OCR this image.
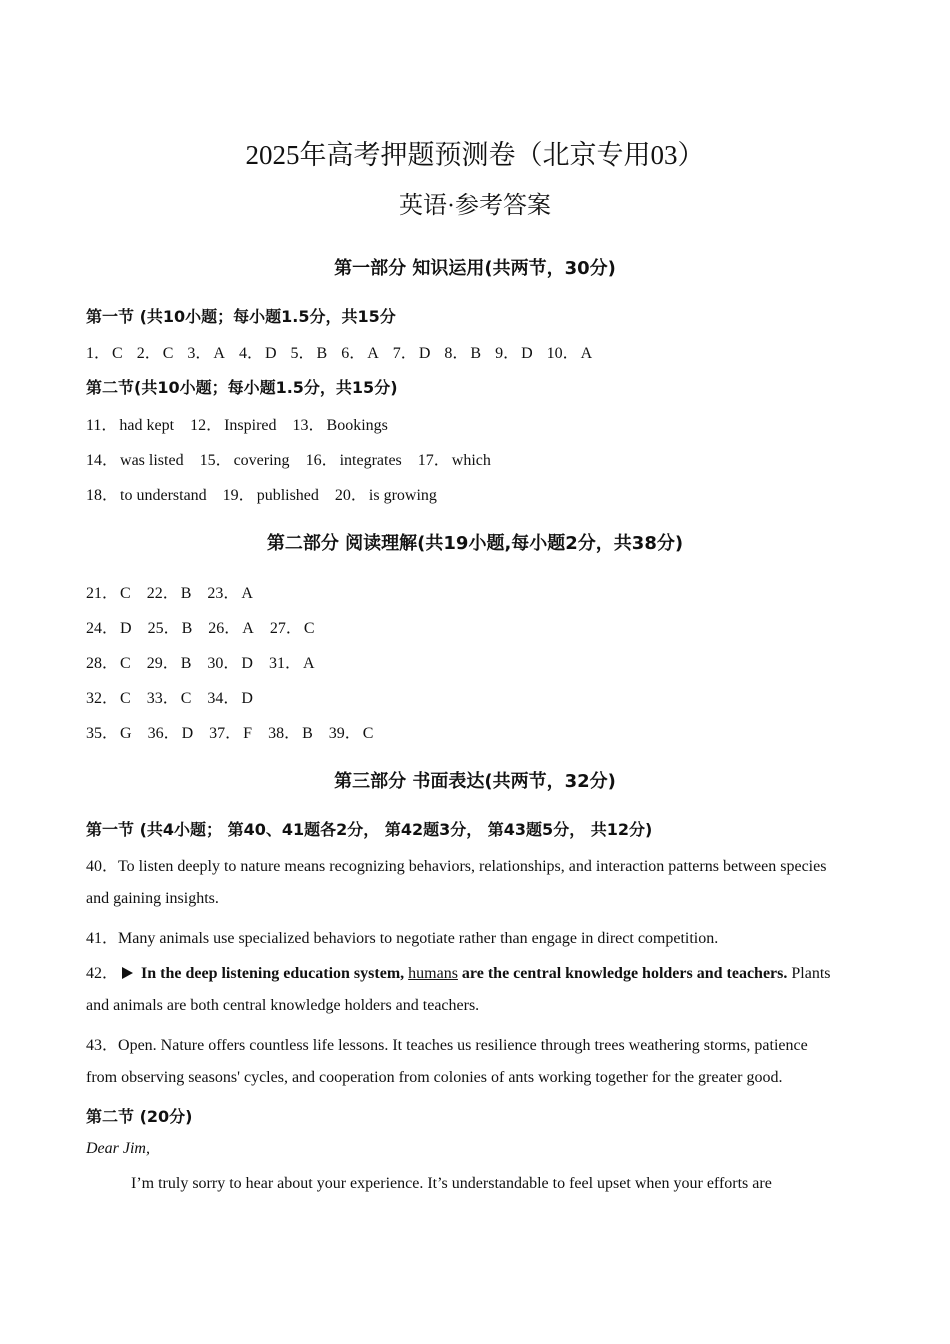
2025年高考押题预测卷（北京专用03）
英语·参考答案
第一部分 知识运用(共两节，30分)
第一节 (共10小题；每小题1.5分，共15分
1． C 2． C 3． A 4． D 5． B 6． A 7． D 8． B 9． D 10． A
第二节(共10小题；每小题1.5分，共15分)
11． had kept 12． Inspired 13． Bookings
14． was listed 15． covering 16． integrates 17． which
18． to understand 19． published 20． is growing
第二部分 阅读理解(共19小题,每小题2分，共38分)
21． C 22． B 23． A
24． D 25． B 26． A 27． C
28． C 29． B 30． D 31． A
32． C 33． C 34． D
35． G 36． D 37． F 38． B 39． C
第三部分 书面表达(共两节，32分)
第一节 (共4小题； 第40、41题各2分， 第42题3分， 第43题5分， 共12分)
40．To listen deeply to nature means recognizing behaviors, relationships, and interaction patterns between species
and gaining insights.
41．Many animals use specialized behaviors to negotiate rather than engage in direct competition.
42． In the deep listening education system, humans are the central knowledge holders and teachers. Plants
and animals are both central knowledge holders and teachers.
43．Open. Nature offers countless life lessons. It teaches us resilience through trees weathering storms, patience
from observing seasons' cycles, and cooperation from colonies of ants working together for the greater good.
第二节 (20分)
Dear Jim,
I’m truly sorry to hear about your experience. It’s understandable to feel upset when your efforts are
